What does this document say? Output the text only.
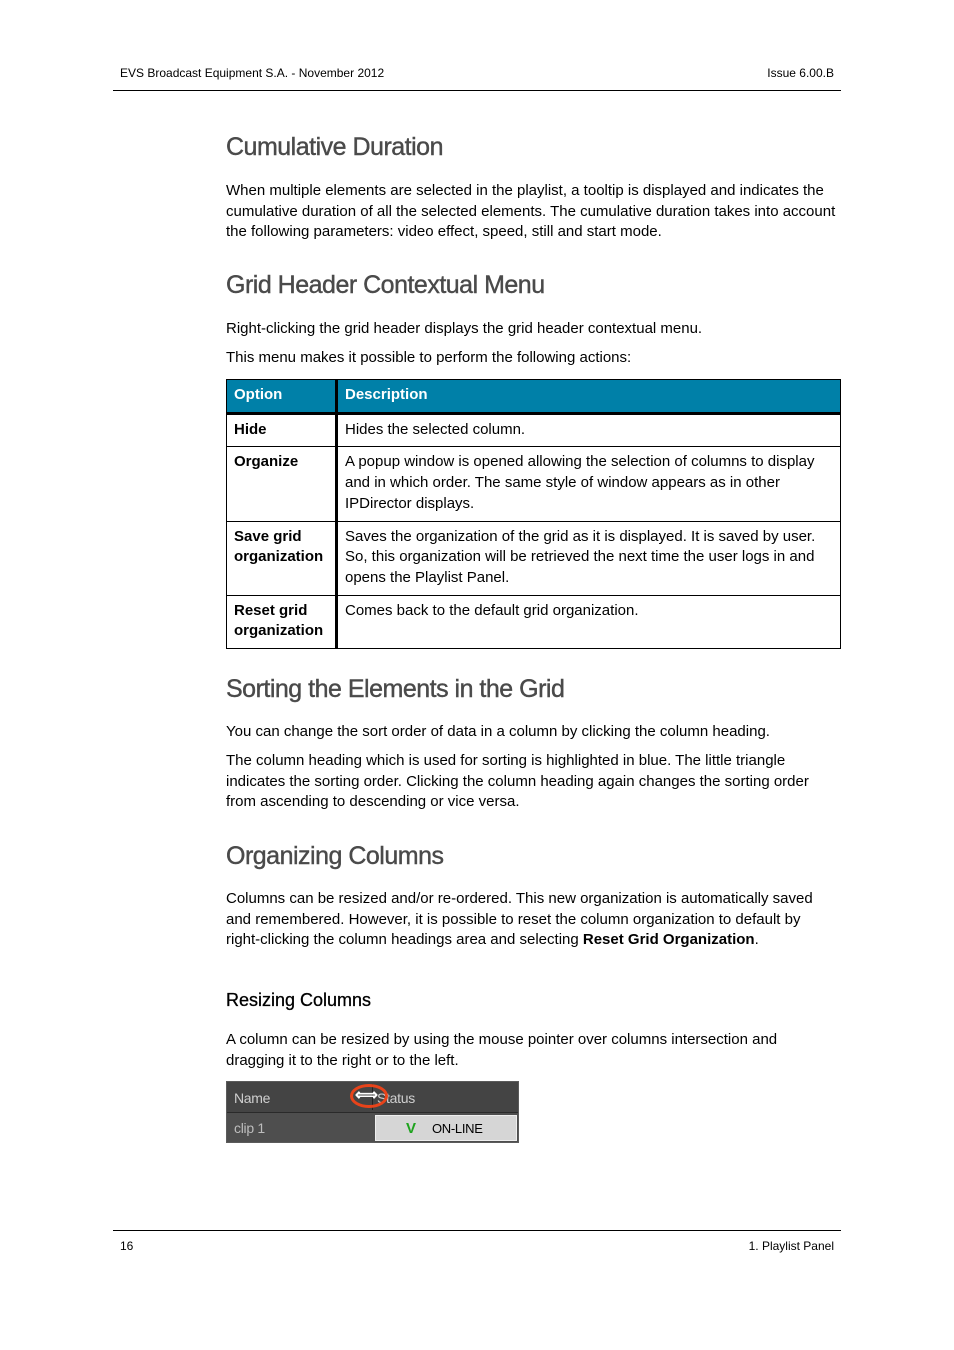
EVS Broadcast Equipment S.A. - November 2012	Issue 6.00.B
Cumulative Duration

When multiple elements are selected in the playlist, a tooltip is displayed and indicates the cumulative duration of all the selected elements. The cumulative duration takes into account the following parameters: video effect, speed, still and start mode.

Grid Header Contextual Menu

Right-clicking the grid header displays the grid header contextual menu.

This menu makes it possible to perform the following actions:

Option	Description
Hide	Hides the selected column.
Organize	A popup window is opened allowing the selection of columns to display and in which order. The same style of window appears as in other IPDirector displays.
Save grid organization	Saves the organization of the grid as it is displayed. It is saved by user. So, this organization will be retrieved the next time the user logs in and opens the Playlist Panel.
Reset grid organization	Comes back to the default grid organization.
Sorting the Elements in the Grid

You can change the sort order of data in a column by clicking the column heading.

The column heading which is used for sorting is highlighted in blue. The little triangle indicates the sorting order. Clicking the column heading again changes the sorting order from ascending to descending or vice versa.

Organizing Columns

Columns can be resized and/or re-ordered. This new organization is automatically saved and remembered. However, it is possible to reset the column organization to default by right-clicking the column headings area and selecting Reset Grid Organization.

Resizing Columns

A column can be resized by using the mouse pointer over columns intersection and dragging it to the right or to the left.

Name	Status
⟺
clip 1	V ON-LINE
16	1. Playlist Panel
